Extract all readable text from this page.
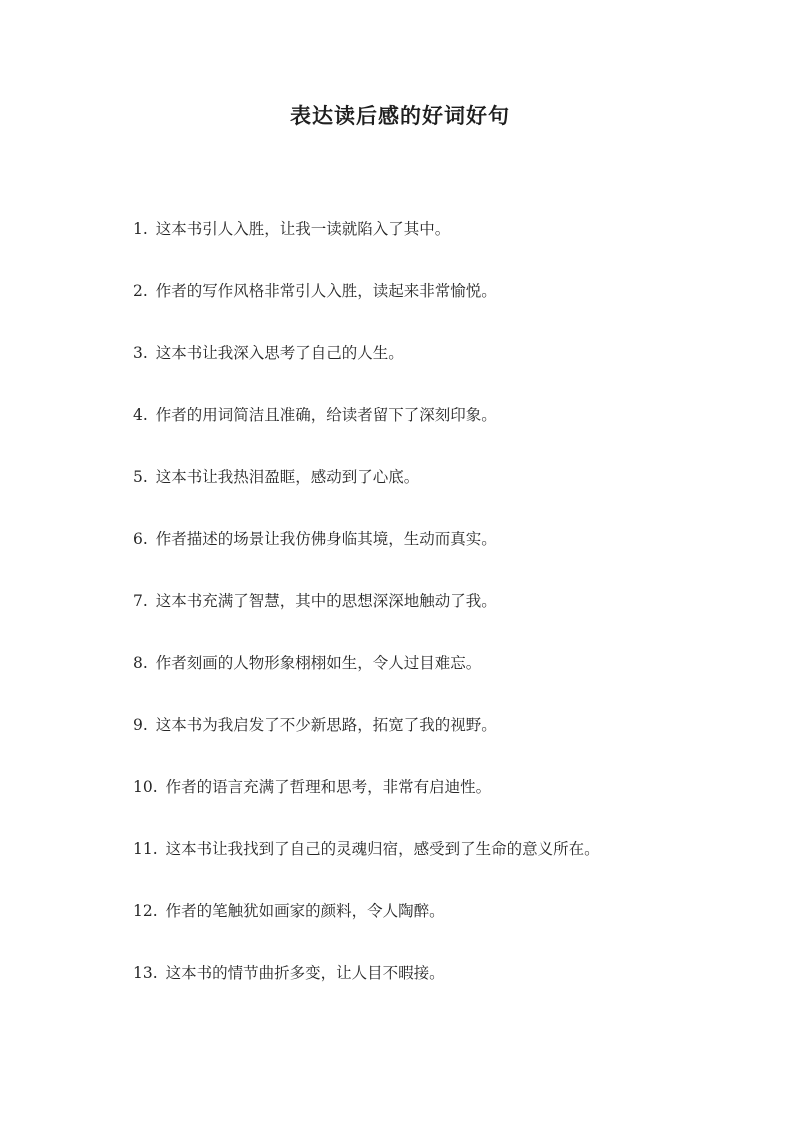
表达读后感的好词好句
1. 这本书引人入胜，让我一读就陷入了其中。
2. 作者的写作风格非常引人入胜，读起来非常愉悦。
3. 这本书让我深入思考了自己的人生。
4. 作者的用词简洁且准确，给读者留下了深刻印象。
5. 这本书让我热泪盈眶，感动到了心底。
6. 作者描述的场景让我仿佛身临其境，生动而真实。
7. 这本书充满了智慧，其中的思想深深地触动了我。
8. 作者刻画的人物形象栩栩如生，令人过目难忘。
9. 这本书为我启发了不少新思路，拓宽了我的视野。
10. 作者的语言充满了哲理和思考，非常有启迪性。
11. 这本书让我找到了自己的灵魂归宿，感受到了生命的意义所在。
12. 作者的笔触犹如画家的颜料，令人陶醉。
13. 这本书的情节曲折多变，让人目不暇接。
